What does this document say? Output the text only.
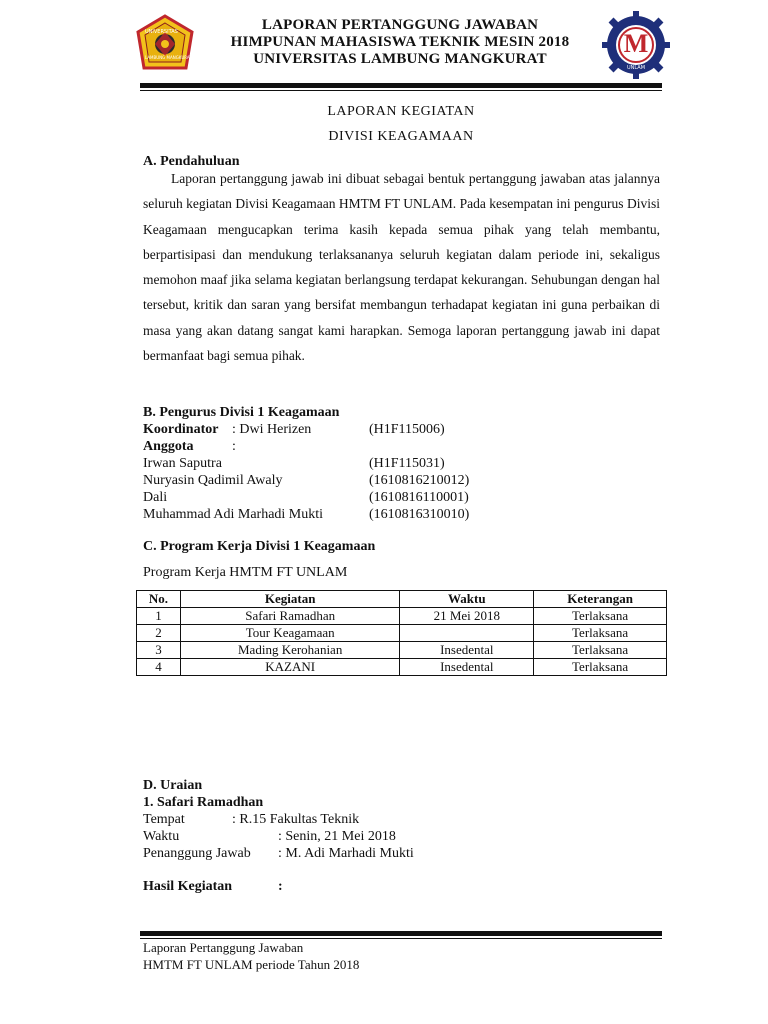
UNIVERSITAS
LAMBUNG MANGKURAT
LAPORAN PERTANGGUNG JAWABAN
HIMPUNAN MAHASISWA TEKNIK MESIN 2018
UNIVERSITAS LAMBUNG MANGKURAT
M
UNLAM
LAPORAN KEGIATAN
DIVISI KEAGAMAAN
A. Pendahuluan
Laporan pertanggung jawab ini dibuat sebagai bentuk pertanggung jawaban atas jalannya seluruh kegiatan Divisi Keagamaan HMTM FT UNLAM. Pada kesempatan ini pengurus Divisi Keagamaan mengucapkan terima kasih kepada semua pihak yang telah membantu, berpartisipasi dan mendukung terlaksananya seluruh kegiatan dalam periode ini, sekaligus memohon maaf jika selama kegiatan berlangsung terdapat kekurangan. Sehubungan dengan hal tersebut, kritik dan saran yang bersifat membangun terhadapat kegiatan ini guna perbaikan di masa yang akan datang sangat kami harapkan. Semoga laporan pertanggung jawab ini dapat bermanfaat bagi semua pihak.
B. Pengurus Divisi 1 Keagamaan
Koordinator : Dwi Herizen	(H1F115006)
Anggota	:
Irwan Saputra	(H1F115031)
Nuryasin Qadimil Awaly	(1610816210012)
Dali	(1610816110001)
Muhammad Adi Marhadi Mukti	(1610816310010)
C. Program Kerja Divisi 1 Keagamaan
Program Kerja HMTM FT UNLAM
No.	Kegiatan	Waktu	Keterangan
1	Safari Ramadhan	21 Mei 2018	Terlaksana
2	Tour Keagamaan		Terlaksana
3	Mading Kerohanian	Insedental	Terlaksana
4	KAZANI	Insedental	Terlaksana
D. Uraian
1. Safari Ramadhan
Tempat	: R.15 Fakultas Teknik
Waktu	: Senin, 21 Mei 2018
Penanggung Jawab : M. Adi Marhadi Mukti
Hasil Kegiatan	:
Laporan Pertanggung Jawaban
HMTM FT UNLAM periode Tahun 2018
